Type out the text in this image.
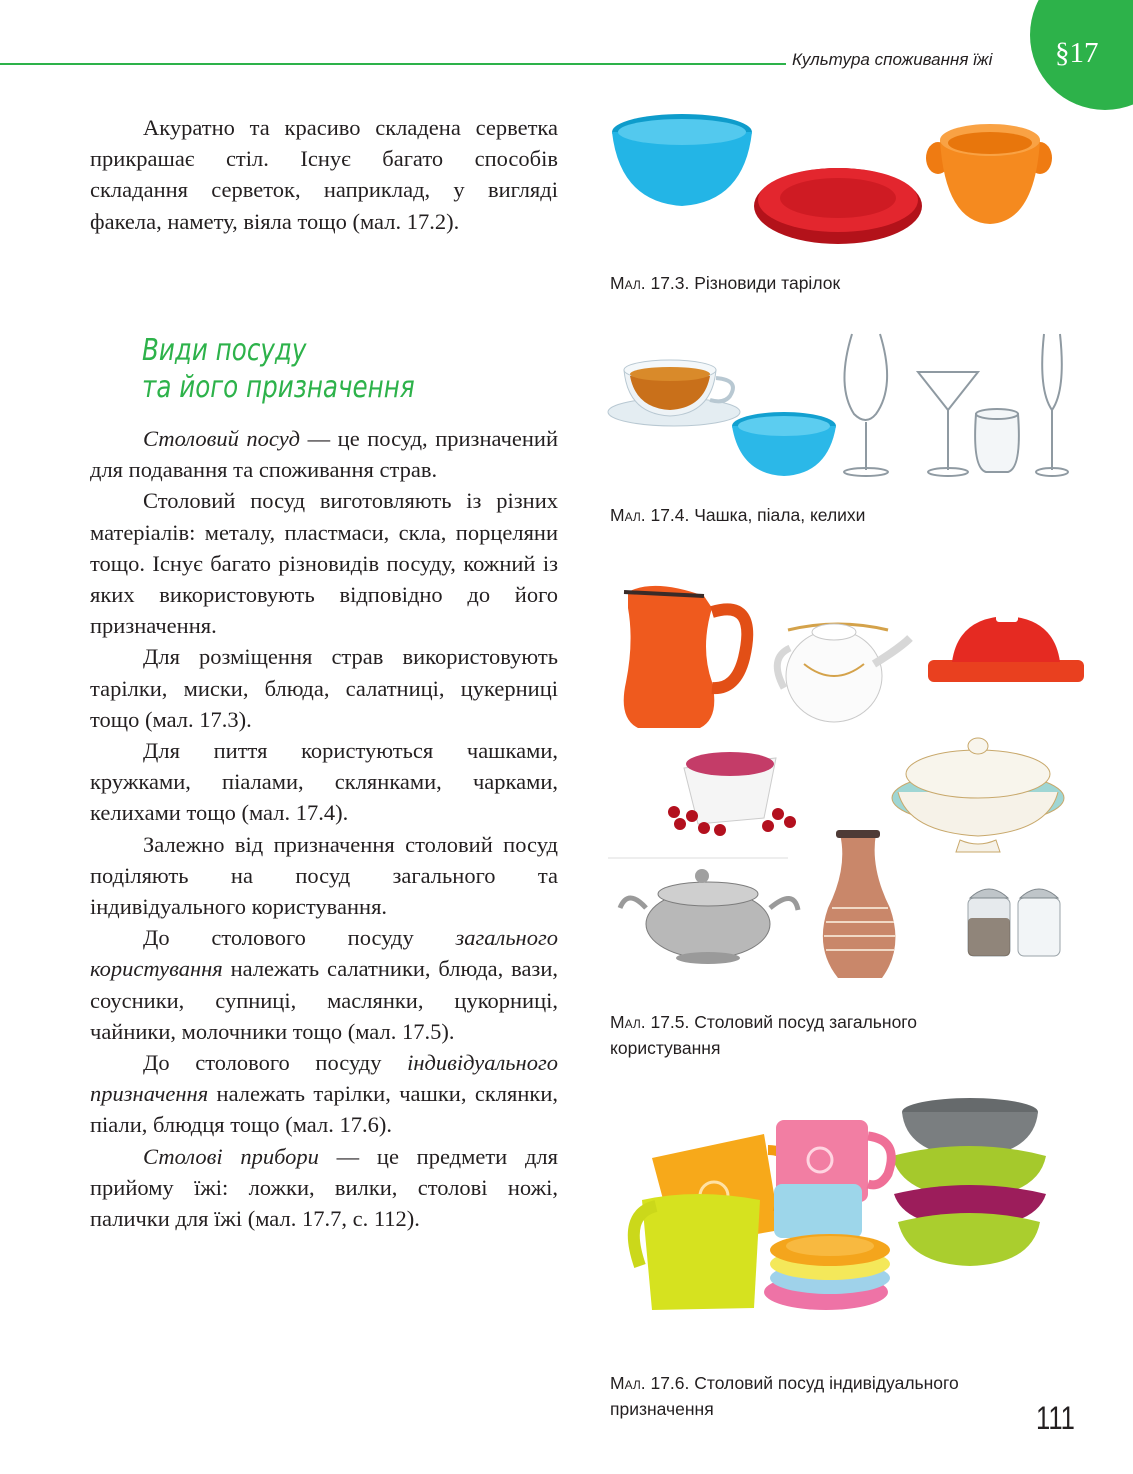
Культура споживання їжі §17

Акуратно та красиво складена серветка прикрашає стіл. Існує багато способів складання серветок, наприклад, у вигляді факела, намету, віяла тощо (мал. 17.2).

Види посуду
та його призначення

Столовий посуд — це посуд, призначений для подавання та споживання страв.

Столовий посуд виготовляють із різних матеріалів: металу, пластмаси, скла, порцеляни тощо. Існує багато різновидів посуду, кожний із яких використовують відповідно до його призначення.

Для розміщення страв використовують тарілки, миски, блюда, салатниці, цукерниці тощо (мал. 17.3).

Для пиття користуються чашками, кружками, піалами, склянками, чарками, келихами тощо (мал. 17.4).

Залежно від призначення столовий посуд поділяють на посуд загального та індивідуального користування.

До столового посуду загального користування належать салатники, блюда, вази, соусники, супниці, маслянки, цукорниці, чайники, молочники тощо (мал. 17.5).

До столового посуду індивідуального призначення належать тарілки, чашки, склянки, піали, блюдця тощо (мал. 17.6).

Столові прибори — це предмети для прийому їжі: ложки, вилки, столові ножі, палички для їжі (мал. 17.7, с. 112).

Мал. 17.3. Різновиди тарілок
Мал. 17.4. Чашка, піала, келихи
Мал. 17.5. Столовий посуд загального
користування
Мал. 17.6. Столовий посуд індивідуального
призначення	111
